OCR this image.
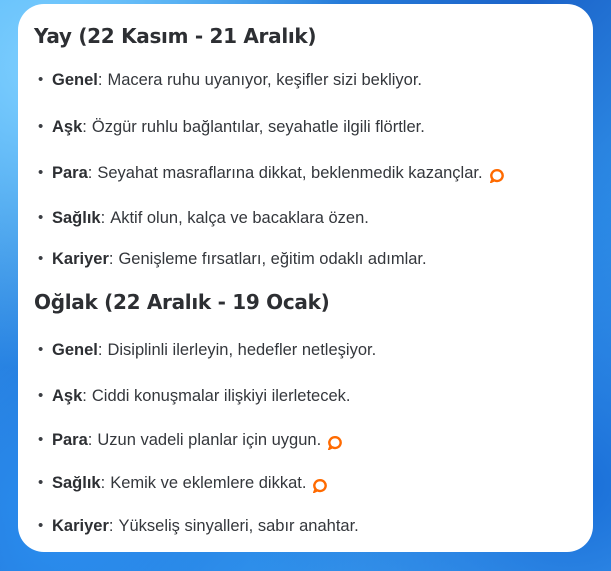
Yay (22 Kasım - 21 Aralık)
• Genel : Macera ruhu uyanıyor, keşifler sizi bekliyor.
• Aşk : Özgür ruhlu bağlantılar, seyahatle ilgili flörtler.
• Para : Seyahat masraflarına dikkat, beklenmedik kazançlar.
• Sağlık : Aktif olun, kalça ve bacaklara özen.
• Kariyer : Genişleme fırsatları, eğitim odaklı adımlar.
Oğlak (22 Aralık - 19 Ocak)
• Genel : Disiplinli ilerleyin, hedefler netleşiyor.
• Aşk : Ciddi konuşmalar ilişkiyi ilerletecek.
• Para : Uzun vadeli planlar için uygun.
• Sağlık : Kemik ve eklemlere dikkat.
• Kariyer : Yükseliş sinyalleri, sabır anahtar.
